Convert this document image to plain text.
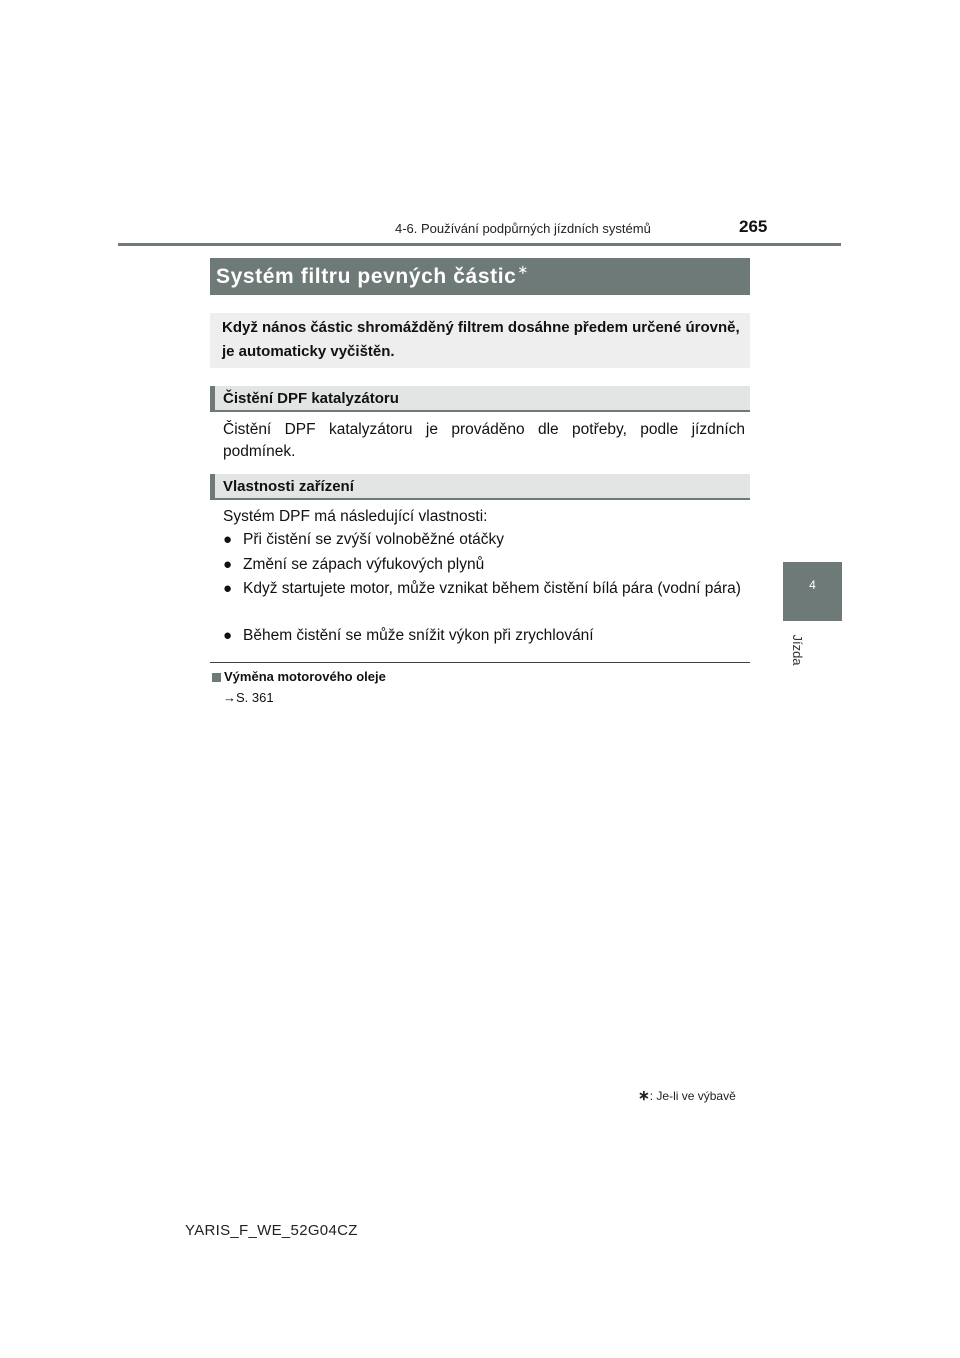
4-6. Používání podpůrných jízdních systémů	265
4
Jízda
Systém filtru pevných částic∗
Když nános částic shromážděný filtrem dosáhne předem určené úrovně, je automaticky vyčištěn.
Čistění DPF katalyzátoru
Čistění DPF katalyzátoru je prováděno dle potřeby, podle jízdních podmínek.
Vlastnosti zařízení
Systém DPF má následující vlastnosti:
● Při čistění se zvýší volnoběžné otáčky
● Změní se zápach výfukových plynů
● Když startujete motor, může vznikat během čistění bílá pára (vodní pára)
● Během čistění se může snížit výkon při zrychlování
Výměna motorového oleje
→S. 361
∗: Je-li ve výbavě
YARIS_F_WE_52G04CZ
